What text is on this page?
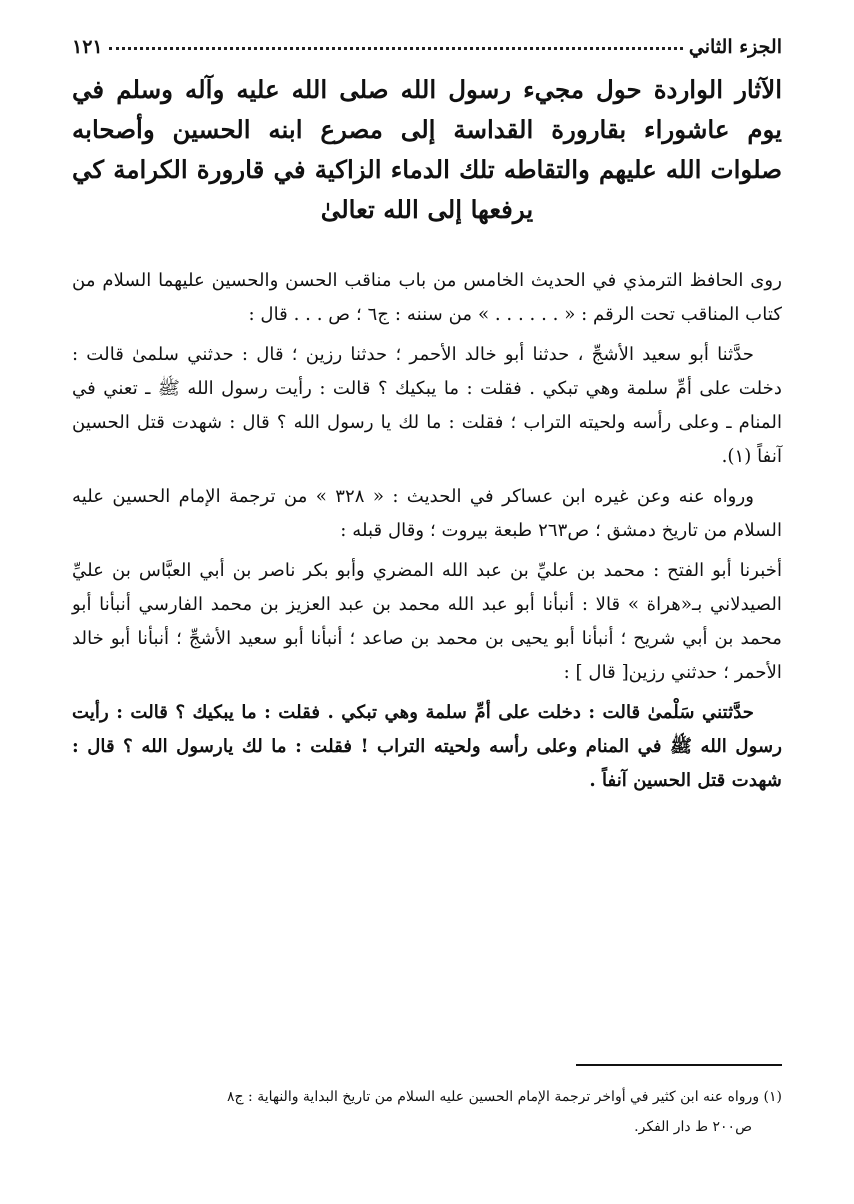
الجزء الثاني
١٢١
الآثار الواردة حول مجيء رسول الله صلى الله عليه وآله وسلم في يوم عاشوراء بقارورة القداسة إلى مصرع ابنه الحسين وأصحابه صلوات الله عليهم والتقاطه تلك الدماء الزاكية في قارورة الكرامة كي يرفعها إلى الله تعالىٰ

روى الحافظ الترمذي في الحديث الخامس من باب مناقب الحسن والحسين عليهما السلام من كتاب المناقب تحت الرقم : « . . . . . . » من سننه : ج٦ ؛ ص . . . قال :

حدَّثنا أبو سعيد الأشجِّ ، حدثنا أبو خالد الأحمر ؛ حدثنا رزين ؛ قال : حدثني سلمىٰ قالت : دخلت على أمِّ سلمة وهي تبكي . فقلت : ما يبكيك ؟ قالت : رأيت رسول الله ﷺ ـ تعني في المنام ـ وعلى رأسه ولحيته التراب ؛ فقلت : ما لك يا رسول الله ؟ قال : شهدت قتل الحسين آنفاً (١).

ورواه عنه وعن غيره ابن عساكر في الحديث : « ٣٢٨ » من ترجمة الإمام الحسين عليه السلام من تاريخ دمشق ؛ ص٢٦٣ طبعة بيروت ؛ وقال قبله :

أخبرنا أبو الفتح : محمد بن عليِّ بن عبد الله المضري وأبو بكر ناصر بن أبي العبَّاس بن عليِّ الصيدلاني بـ«هراة » قالا : أنبأنا أبو عبد الله محمد بن عبد العزيز بن محمد الفارسي أنبأنا أبو محمد بن أبي شريح ؛ أنبأنا أبو يحيى بن محمد بن صاعد ؛ أنبأنا أبو سعيد الأشجِّ ؛ أنبأنا أبو خالد الأحمر ؛ حدثني رزين[ قال ] :

حدَّثتني سَلْمىٰ قالت : دخلت على أمِّ سلمة وهي تبكي . فقلت : ما يبكيك ؟ قالت : رأيت رسول الله ﷺ في المنام وعلى رأسه ولحيته التراب ! فقلت : ما لك يارسول الله ؟ قال : شهدت قتل الحسين آنفاً .

(١) ورواه عنه ابن كثير في أواخر ترجمة الإمام الحسين عليه السلام من تاريخ البداية والنهاية : ج٨
ص٢٠٠ ط دار الفكر.
